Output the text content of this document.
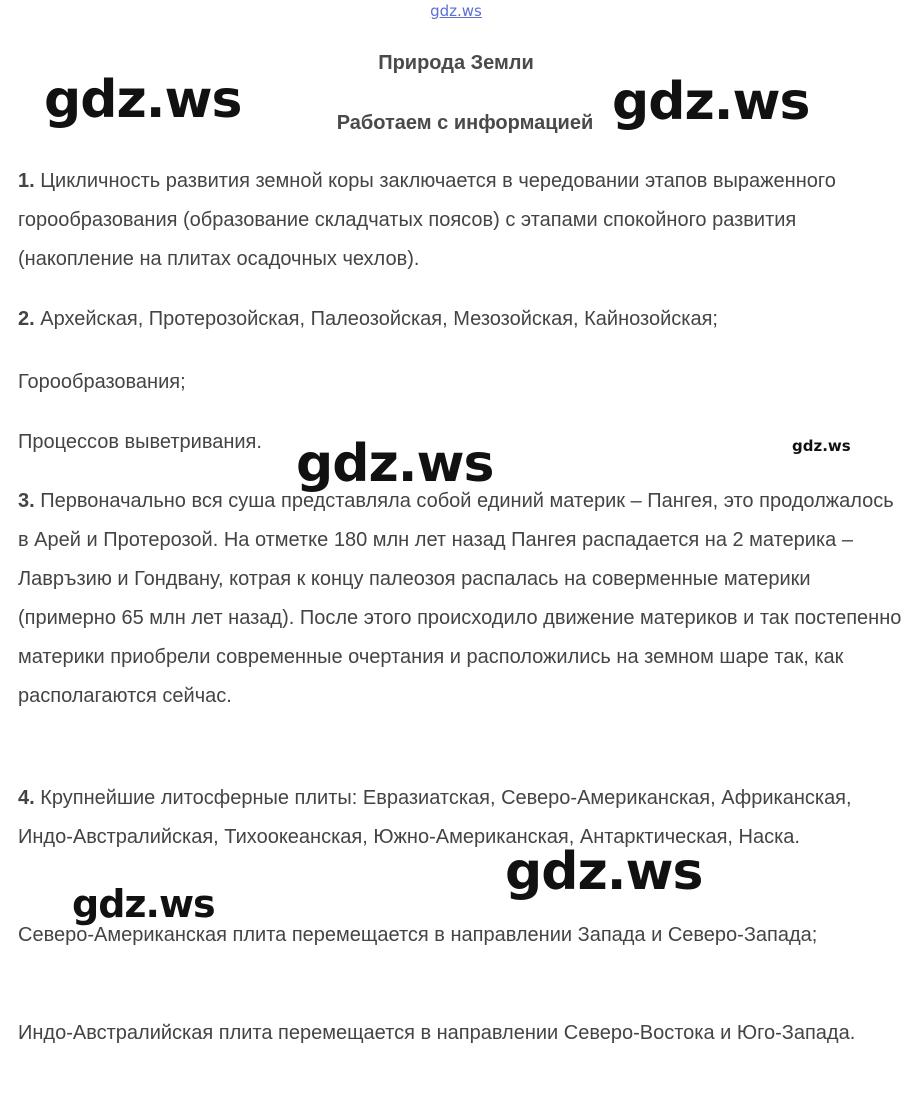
gdz.ws
Природа Земли
Работаем с информацией

1. Цикличность развития земной коры заключается в чередовании этапов выраженного горообразования (образование складчатых поясов) с этапами спокойного развития (накопление на плитах осадочных чехлов).

2. Архейская, Протерозойская, Палеозойская, Мезозойская, Кайнозойская;

Горообразования;

Процессов выветривания.

3. Первоначально вся суша представляла собой единий материк – Пангея, это продолжалось в Арей и Протерозой. На отметке 180 млн лет назад Пангея распадается на 2 материка – Лавръзию и Гондвану, котрая к концу палеозоя распалась на соверменные материки (примерно 65 млн лет назад). После этого происходило движение материков и так постепенно материки приобрели современные очертания и расположились на земном шаре так, как располагаются сейчас.

4. Крупнейшие литосферные плиты: Евразиатская, Северо-Американская, Африканская, Индо-Австралийская, Тихоокеанская, Южно-Американская, Антарктическая, Наска.

Северо-Американская плита перемещается в направлении Запада и Северо-Запада;

Индо-Австралийская плита перемещается в направлении Северо-Востока и Юго-Запада.

gdz.ws	gdz.ws
gdz.ws
gdz.ws
gdz.ws
gdz.ws
